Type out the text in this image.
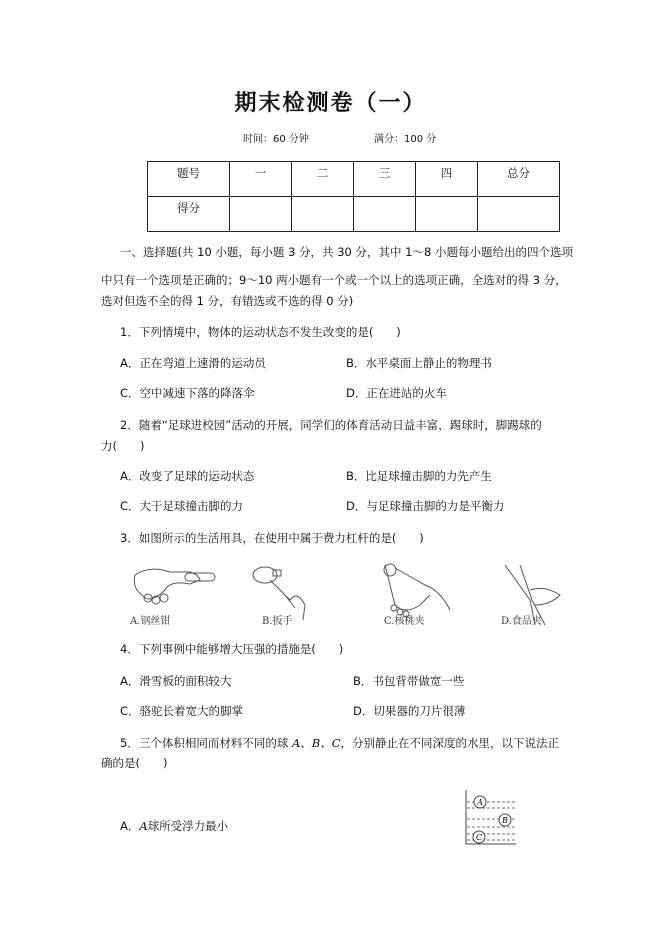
期末检测卷（一）
时间：60 分钟	满分：100 分
题号	一	二	三	四	总分
得分					
一、选择题(共 10 小题，每小题 3 分，共 30 分，其中 1～8 小题每小题给出的四个选项
中只有一个选项是正确的；9～10 两小题有一个或一个以上的选项正确，全选对的得 3 分，
选对但选不全的得 1 分，有错选或不选的得 0 分)
1．下列情境中，物体的运动状态不发生改变的是(　　)
A．正在弯道上速滑的运动员	B．水平桌面上静止的物理书
C．空中减速下落的降落伞	D．正在进站的火车
2．随着“足球进校园”活动的开展，同学们的体育活动日益丰富，踢球时，脚踢球的
力(　　)
A．改变了足球的运动状态	B．比足球撞击脚的力先产生
C．大于足球撞击脚的力	D．与足球撞击脚的力是平衡力
3．如图所示的生活用具，在使用中属于费力杠杆的是(　　)
A.钢丝钳	B.扳手	C.核桃夹	D.食品夹
4．下列事例中能够增大压强的措施是(　　)
A．滑雪板的面积较大	B．书包背带做宽一些
C．骆驼长着宽大的脚掌	D．切果器的刀片很薄
5．三个体积相同而材料不同的球 A、B、C，分别静止在不同深度的水里，以下说法正
确的是(　　)
A．A球所受浮力最小
A
B
C
